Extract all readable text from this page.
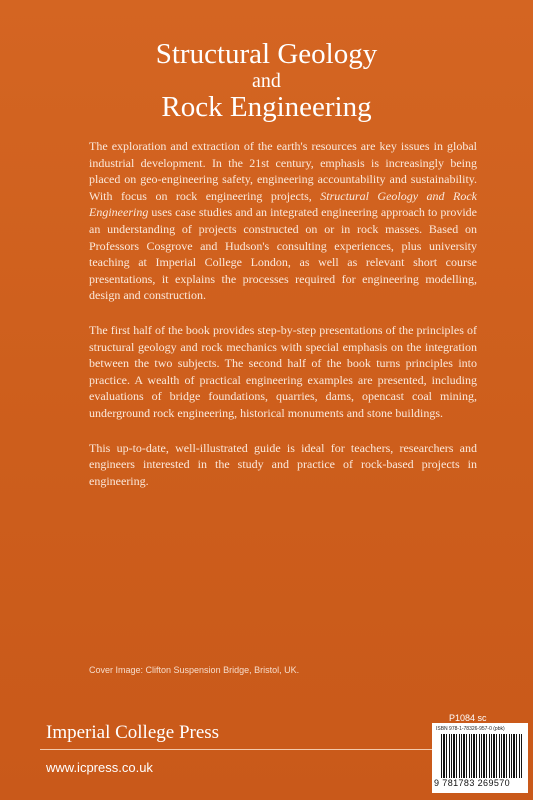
Structural Geology
and
Rock Engineering

The exploration and extraction of the earth's resources are key issues in global industrial development. In the 21st century, emphasis is increasingly being placed on geo-engineering safety, engineering accountability and sustainability. With focus on rock engineering projects, Structural Geology and Rock Engineering uses case studies and an integrated engineering approach to provide an understanding of projects constructed on or in rock masses. Based on Professors Cosgrove and Hudson's consulting experiences, plus university teaching at Imperial College London, as well as relevant short course presentations, it explains the processes required for engineering modelling, design and construction.

The first half of the book provides step-by-step presentations of the principles of structural geology and rock mechanics with special emphasis on the integration between the two subjects. The second half of the book turns principles into practice. A wealth of practical engineering examples are presented, including evaluations of bridge foundations, quarries, dams, opencast coal mining, underground rock engineering, historical monuments and stone buildings.

This up-to-date, well-illustrated guide is ideal for teachers, researchers and engineers interested in the study and practice of rock-based projects in engineering.

Cover Image: Clifton Suspension Bridge, Bristol, UK.
P1084 sc
Imperial College Press
www.icpress.co.uk
ISBN 978-1-78326-957-0 (pbk)
9 781783 269570
